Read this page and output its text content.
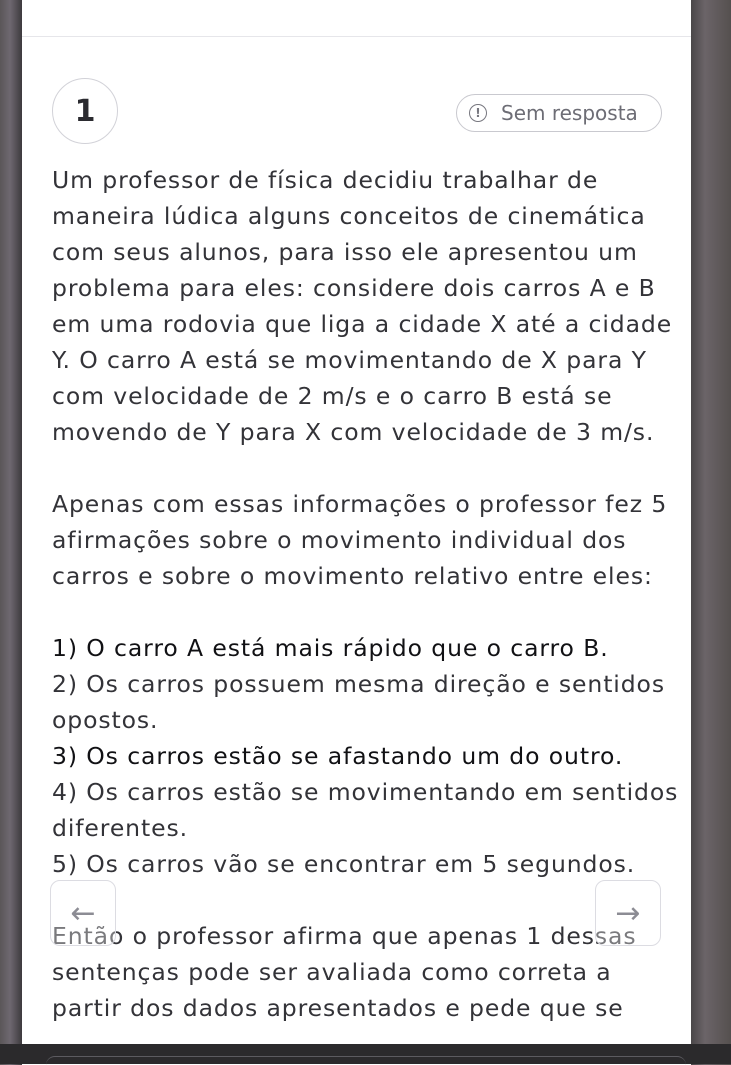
1	!	Sem resposta

Um professor de física decidiu trabalhar de maneira lúdica alguns conceitos de cinemática com seus alunos, para isso ele apresentou um problema para eles: considere dois carros A e B em uma rodovia que liga a cidade X até a cidade Y. O carro A está se movimentando de X para Y com velocidade de 2 m/s e o carro B está se movendo de Y para X com velocidade de 3 m/s.

Apenas com essas informações o professor fez 5 afirmações sobre o movimento individual dos carros e sobre o movimento relativo entre eles:

1) O carro A está mais rápido que o carro B.

2) Os carros possuem mesma direção e sentidos opostos.

3) Os carros estão se afastando um do outro.

4) Os carros estão se movimentando em sentidos diferentes.

5) Os carros vão se encontrar em 5 segundos.

Então o professor afirma que apenas 1 dessas sentenças pode ser avaliada como correta a partir dos dados apresentados e pede que se

←	→
